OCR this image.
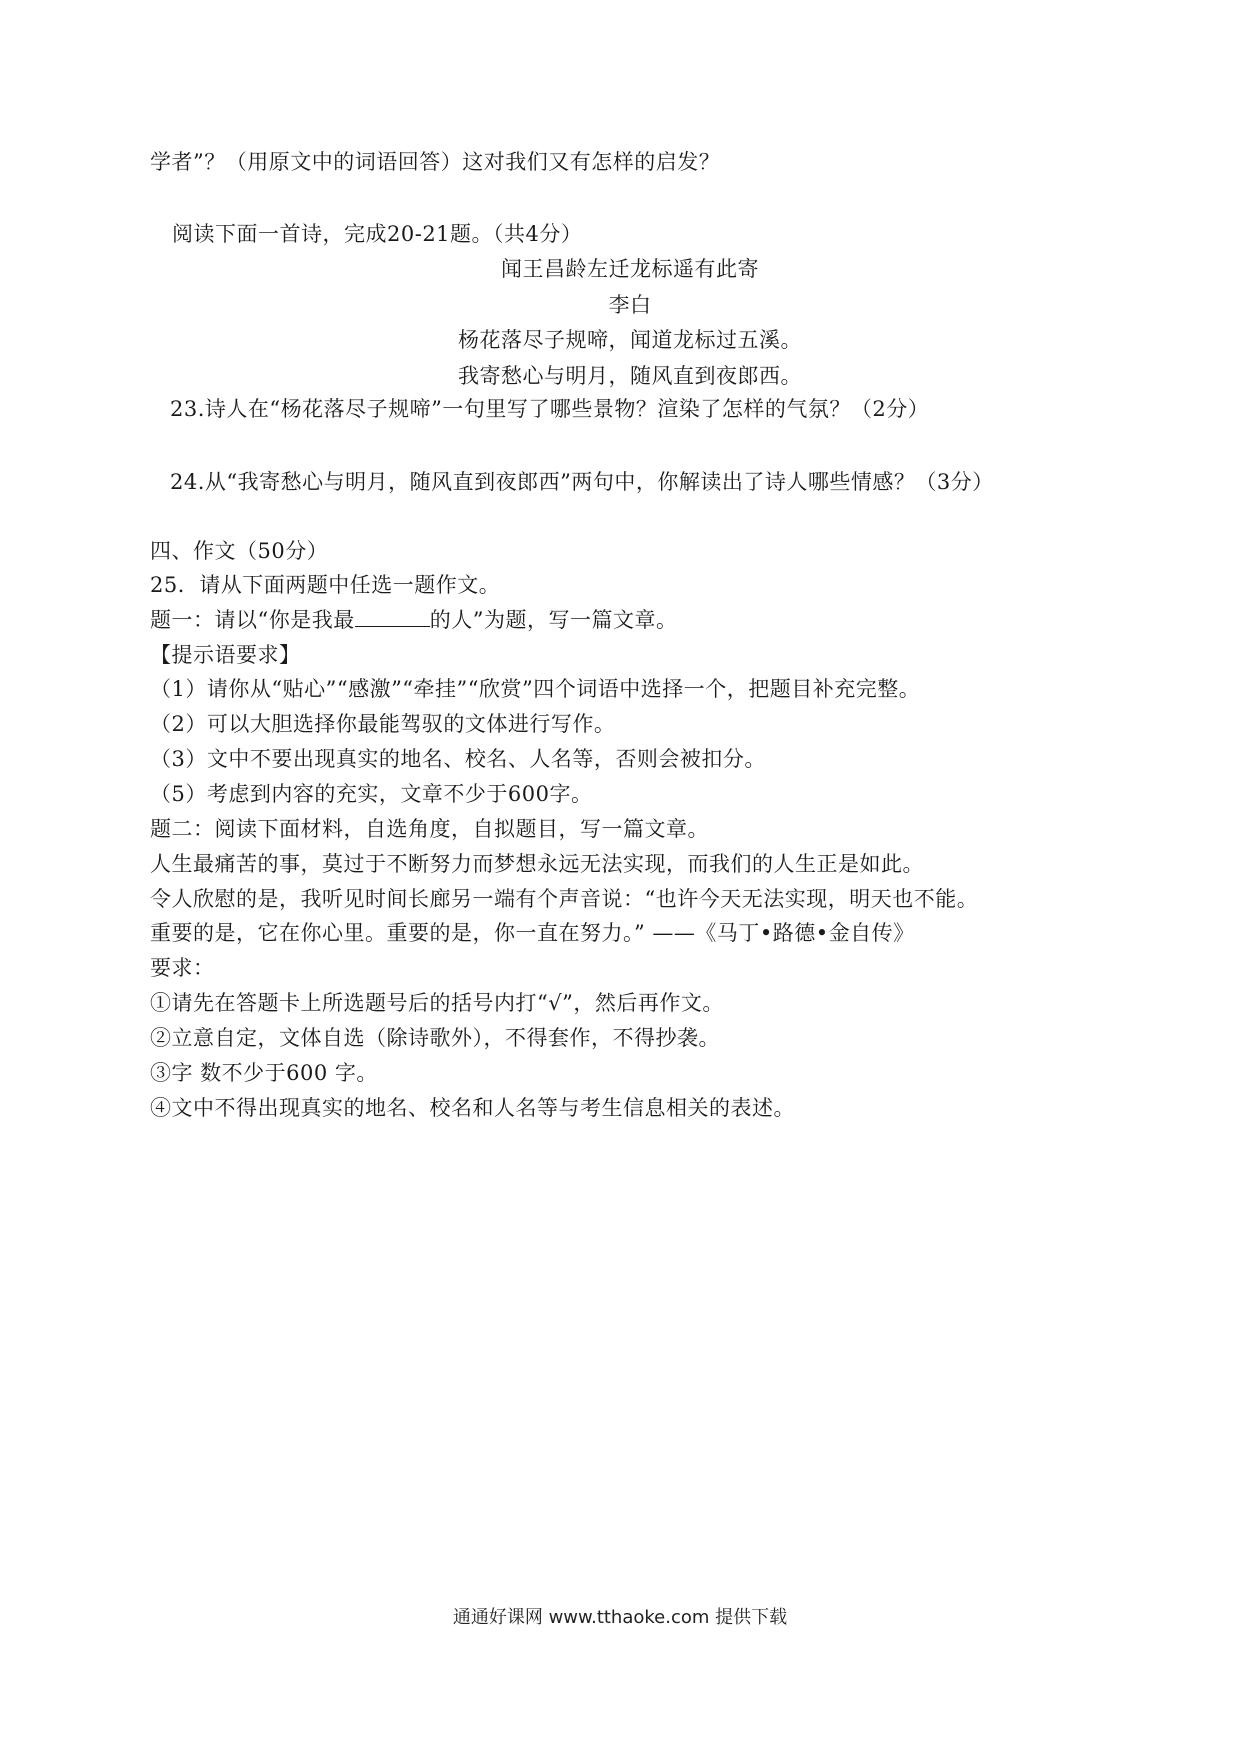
学者”？（用原文中的词语回答）这对我们又有怎样的启发？
阅读下面一首诗，完成20-21题。（共4分）
闻王昌龄左迁龙标遥有此寄
李白
杨花落尽子规啼，闻道龙标过五溪。
我寄愁心与明月，随风直到夜郎西。
23.诗人在“杨花落尽子规啼”一句里写了哪些景物？渲染了怎样的气氛？（2分）
24.从“我寄愁心与明月，随风直到夜郎西”两句中，你解读出了诗人哪些情感？（3分）
四、作文（50分）
25．请从下面两题中任选一题作文。
题一：请以“你是我最	的人”为题，写一篇文章。
【提示语要求】
（1）请你从“贴心”“感激”“牵挂”“欣赏”四个词语中选择一个，把题目补充完整。
（2）可以大胆选择你最能驾驭的文体进行写作。
（3）文中不要出现真实的地名、校名、人名等，否则会被扣分。
（5）考虑到内容的充实，文章不少于600字。
题二：阅读下面材料，自选角度，自拟题目，写一篇文章。
人生最痛苦的事，莫过于不断努力而梦想永远无法实现，而我们的人生正是如此。
令人欣慰的是，我听见时间长廊另一端有个声音说：“也许今天无法实现，明天也不能。
重要的是，它在你心里。重要的是，你一直在努力。” ——《马丁•路德•金自传》
要求：
①请先在答题卡上所选题号后的括号内打“√”，然后再作文。
②立意自定，文体自选（除诗歌外），不得套作，不得抄袭。
③字 数不少于600 字。
④文中不得出现真实的地名、校名和人名等与考生信息相关的表述。
通通好课网 www.tthaoke.com 提供下载
